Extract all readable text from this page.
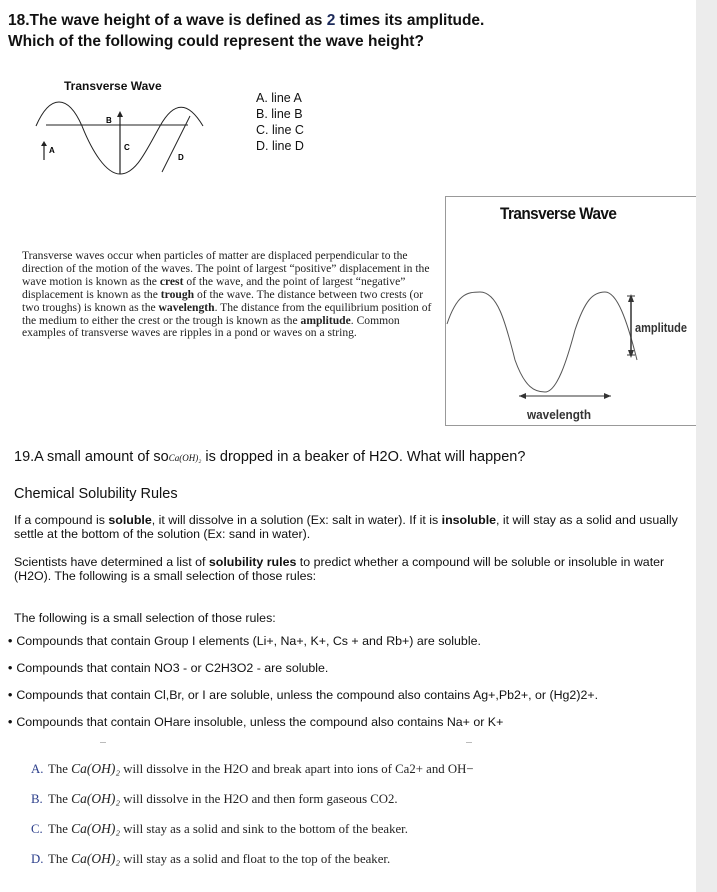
18.The wave height of a wave is defined as 2 times its amplitude.
Which of the following could represent the wave height?
Transverse Wave
A
B
C
D
A. line A
B. line B
C. line C
D. line D
Transverse waves occur when particles of matter are displaced perpendicular to the direction of the motion of the waves. The point of largest “positive” displacement in the wave motion is known as the crest of the wave, and the point of largest “negative” displacement is known as the trough of the wave. The distance between two crests (or two troughs) is known as the wavelength. The distance from the equilibrium position of the medium to either the crest or the trough is known as the amplitude. Common examples of transverse waves are ripples in a pond or waves on a string.
Transverse Wave
amplitude
wavelength
19.A small amount of soCa(OH)₂ is dropped in a beaker of H2O. What will happen?
Chemical Solubility Rules
If a compound is soluble, it will dissolve in a solution (Ex: salt in water). If it is insoluble, it will stay as a solid and usually settle at the bottom of the solution (Ex: sand in water).
Scientists have determined a list of solubility rules to predict whether a compound will be soluble or insoluble in water (H2O). The following is a small selection of those rules:
The following is a small selection of those rules:
• Compounds that contain Group I elements (Li+, Na+, K+, Cs + and Rb+) are soluble.
• Compounds that contain NO3 - or C2H3O2 - are soluble.
• Compounds that contain Cl,Br, or I are soluble, unless the compound also contains Ag+,Pb2+, or (Hg2)2+.
• Compounds that contain OHare insoluble, unless the compound also contains Na+ or K+
A. The Ca(OH)₂ will dissolve in the H2O and break apart into ions of Ca2+ and OH−
B. The Ca(OH)₂ will dissolve in the H2O and then form gaseous CO2.
C. The Ca(OH)₂ will stay as a solid and sink to the bottom of the beaker.
D. The Ca(OH)₂ will stay as a solid and float to the top of the beaker.
